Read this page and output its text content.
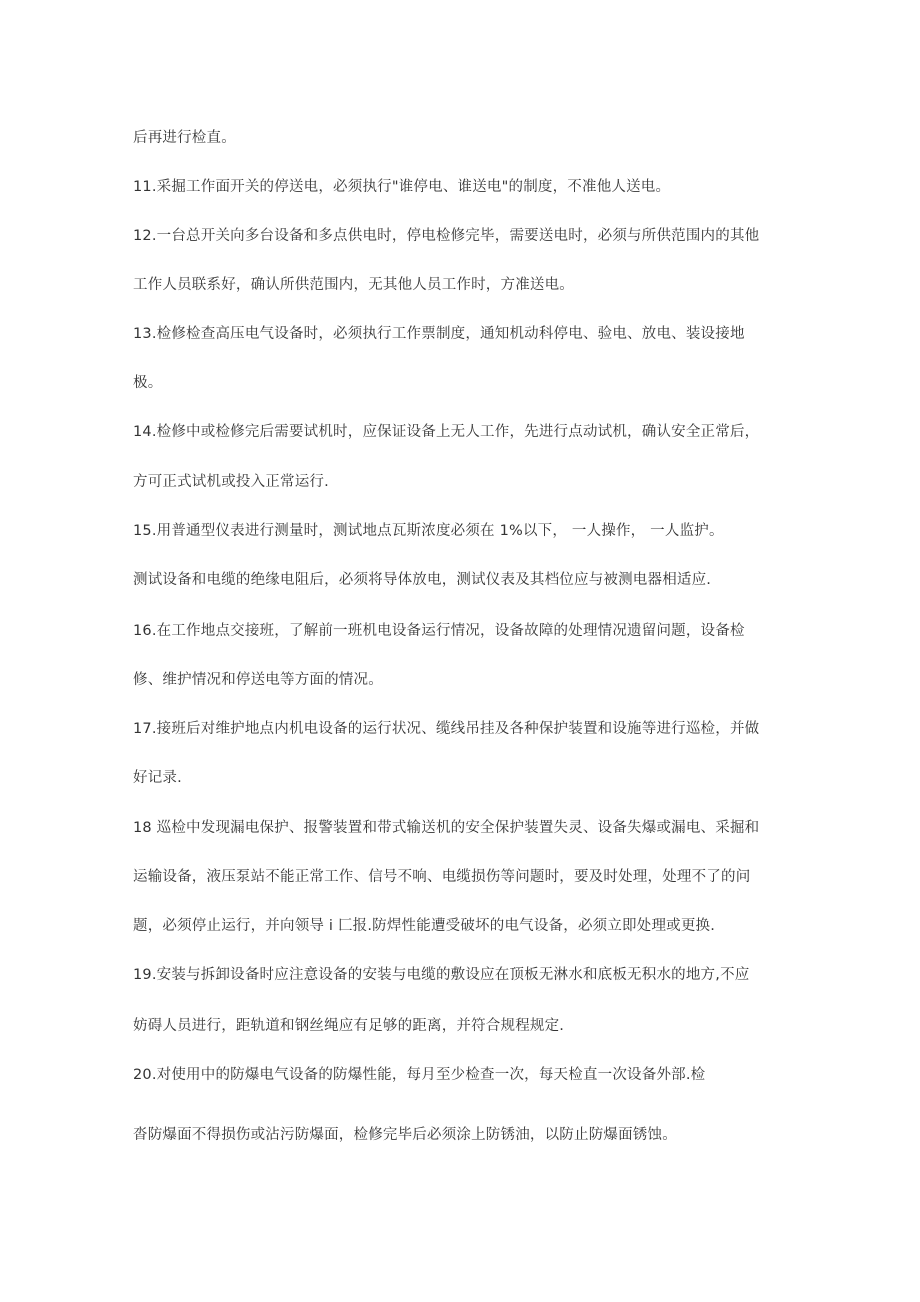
后再进行检直。

11.采掘工作面开关的停送电，必须执行"谁停电、谁送电"的制度，不准他人送电。

12.一台总开关向多台设备和多点供电时，停电检修完毕，需要送电时，必须与所供范围内的其他

工作人员联系好，确认所供范围内，无其他人员工作时，方准送电。

13.检修检查高压电气设备时，必须执行工作票制度，通知机动科停电、验电、放电、装设接地

极。

14.检修中或检修完后需要试机时，应保证设备上无人工作，先进行点动试机，确认安全正常后，

方可正式试机或投入正常运行.

15.用普通型仪表进行测量时，测试地点瓦斯浓度必须在 1%以下， 一人操作， 一人监护。

测试设备和电缆的绝缘电阻后，必须将导体放电，测试仪表及其档位应与被测电器相适应.

16.在工作地点交接班，了解前一班机电设备运行情况，设备故障的处理情况遗留问题，设备检

修、维护情况和停送电等方面的情况。

17.接班后对维护地点内机电设备的运行状况、缆线吊挂及各种保护装置和设施等进行巡检，并做

好记录.

18 巡检中发现漏电保护、报警装置和带式输送机的安全保护装置失灵、设备失爆或漏电、采掘和

运输设备，液压泵站不能正常工作、信号不响、电缆损伤等问题时，要及时处理，处理不了的问

题，必须停止运行，并向领导 i 匚报.防焊性能遭受破坏的电气设备，必须立即处理或更换.

19.安装与拆卸设备时应注意设备的安装与电缆的敷设应在顶板无淋水和底板无积水的地方,不应

妨碍人员进行，距轨道和钢丝绳应有足够的距离，并符合规程规定.

20.对使用中的防爆电气设备的防爆性能，每月至少检查一次，每天检直一次设备外部.检

沓防爆面不得损伤或沾污防爆面，检修完毕后必须涂上防锈油，以防止防爆面锈蚀。
